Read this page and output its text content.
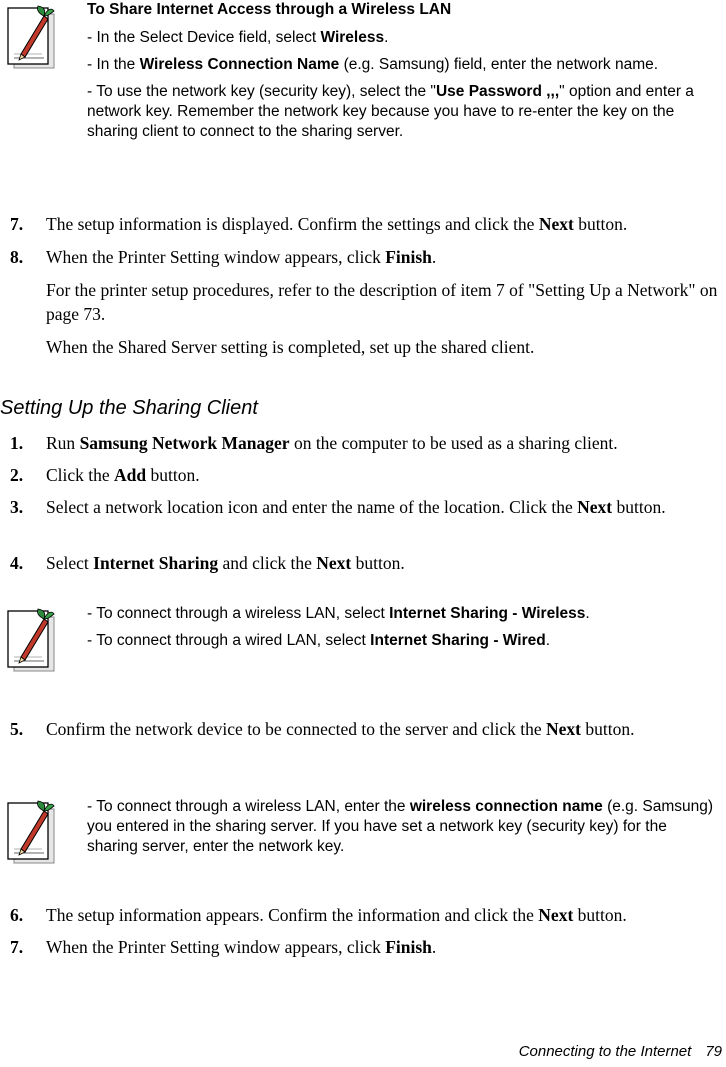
To Share Internet Access through a Wireless LAN

- In the Select Device field, select Wireless.

- In the Wireless Connection Name (e.g. Samsung) field, enter the network name.

- To use the network key (security key), select the "Use Password ,,," option and enter a network key. Remember the network key because you have to re-enter the key on the sharing client to connect to the sharing server.

7. The setup information is displayed. Confirm the settings and click the Next button.
8. When the Printer Setting window appears, click Finish.
For the printer setup procedures, refer to the description of item 7 of "Setting Up a Network" on page 73.
When the Shared Server setting is completed, set up the shared client.
Setting Up the Sharing Client
1. Run Samsung Network Manager on the computer to be used as a sharing client.
2. Click the Add button.
3. Select a network location icon and enter the name of the location. Click the Next button.
4. Select Internet Sharing and click the Next button.

- To connect through a wireless LAN, select Internet Sharing - Wireless.

- To connect through a wired LAN, select Internet Sharing - Wired.

5. Confirm the network device to be connected to the server and click the Next button.

- To connect through a wireless LAN, enter the wireless connection name (e.g. Samsung) you entered in the sharing server. If you have set a network key (security key) for the sharing server, enter the network key.

6. The setup information appears. Confirm the information and click the Next button.
7. When the Printer Setting window appears, click Finish.
Connecting to the Internet 79
